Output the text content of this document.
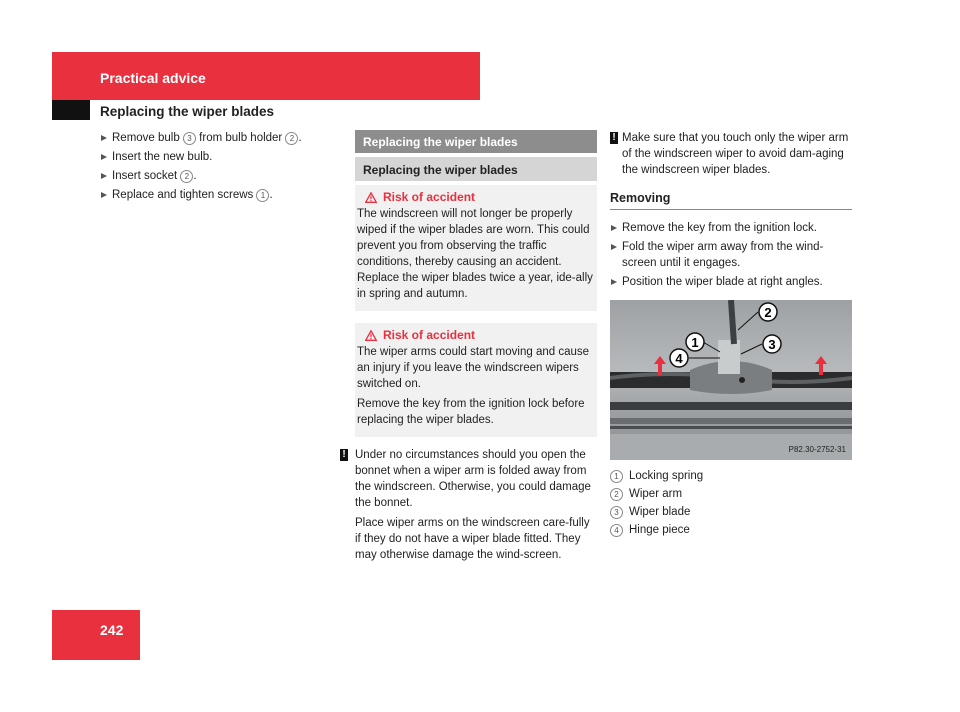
Practical advice
Replacing the wiper blades
Remove bulb 3 from bulb holder 2 .
Insert the new bulb.
Insert socket 2 .
Replace and tighten screws 1 .
Replacing the wiper blades
Replacing the wiper blades
Risk of accident
The windscreen will not longer be properly wiped if the wiper blades are worn. This could prevent you from observing the traffic conditions, thereby causing an accident. Replace the wiper blades twice a year, ide-ally in spring and autumn.
Risk of accident
The wiper arms could start moving and cause an injury if you leave the windscreen wipers switched on.
Remove the key from the ignition lock before replacing the wiper blades.
! Under no circumstances should you open the bonnet when a wiper arm is folded away from the windscreen. Otherwise, you could damage the bonnet.
Place wiper arms on the windscreen care-fully if they do not have a wiper blade fitted. They may otherwise damage the wind-screen.
! Make sure that you touch only the wiper arm of the windscreen wiper to avoid dam-aging the windscreen wiper blades.
Removing
Remove the key from the ignition lock.
Fold the wiper arm away from the wind-screen until it engages.
Position the wiper blade at right angles.
1
2
3
4
P82.30-2752-31
1 Locking spring
2 Wiper arm
3 Wiper blade
4 Hinge piece
242
